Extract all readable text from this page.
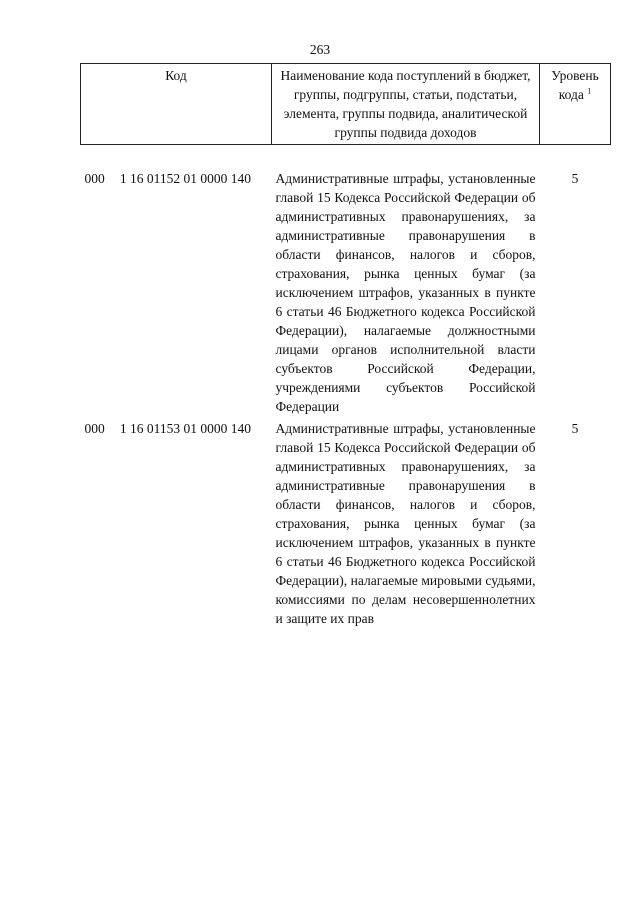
263
Код	Наименование кода поступлений в бюджет, группы, подгруппы, статьи, подстатьи, элемента, группы подвида, аналитической группы подвида доходов	Уровень кода $^1$

000 1 16 01152 01 0000 140	Административные штрафы, установленные главой 15 Кодекса Российской Федерации об административных правонарушениях, за административные правонарушения в области финансов, налогов и сборов, страхования, рынка ценных бумаг (за исключением штрафов, указанных в пункте 6 статьи 46 Бюджетного кодекса Российской Федерации), налагаемые должностными лицами органов исполнительной власти субъектов Российской Федерации, учреждениями субъектов Российской Федерации	5
000 1 16 01153 01 0000 140	Административные штрафы, установленные главой 15 Кодекса Российской Федерации об административных правонарушениях, за административные правонарушения в области финансов, налогов и сборов, страхования, рынка ценных бумаг (за исключением штрафов, указанных в пункте 6 статьи 46 Бюджетного кодекса Российской Федерации), налагаемые мировыми судьями, комиссиями по делам несовершеннолетних и защите их прав	5
